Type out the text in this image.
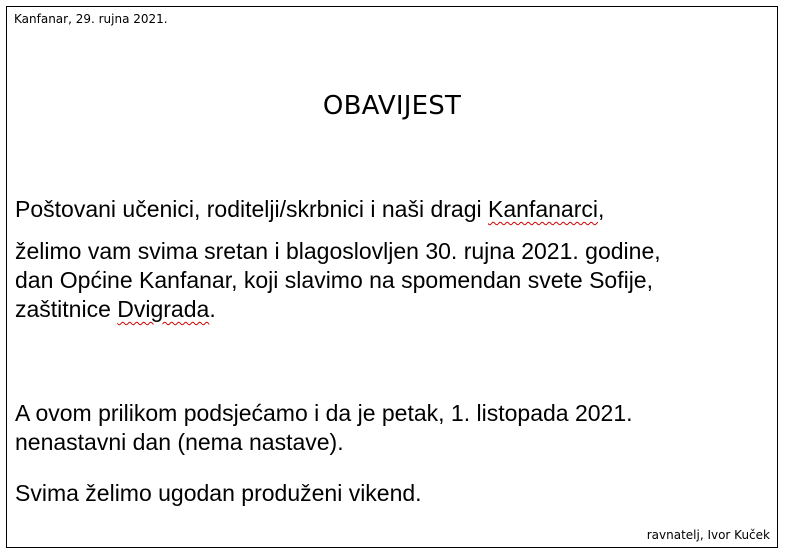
Kanfanar, 29. rujna 2021.
OBAVIJEST
Poštovani učenici, roditelji/skrbnici i naši dragi Kanfanarci,
želimo vam svima sretan i blagoslovljen 30. rujna 2021. godine,
dan Općine Kanfanar, koji slavimo na spomendan svete Sofije,
zaštitnice Dvigrada.
A ovom prilikom podsjećamo i da je petak, 1. listopada 2021.
nenastavni dan (nema nastave).
Svima želimo ugodan produženi vikend.
ravnatelj, Ivor Kuček
